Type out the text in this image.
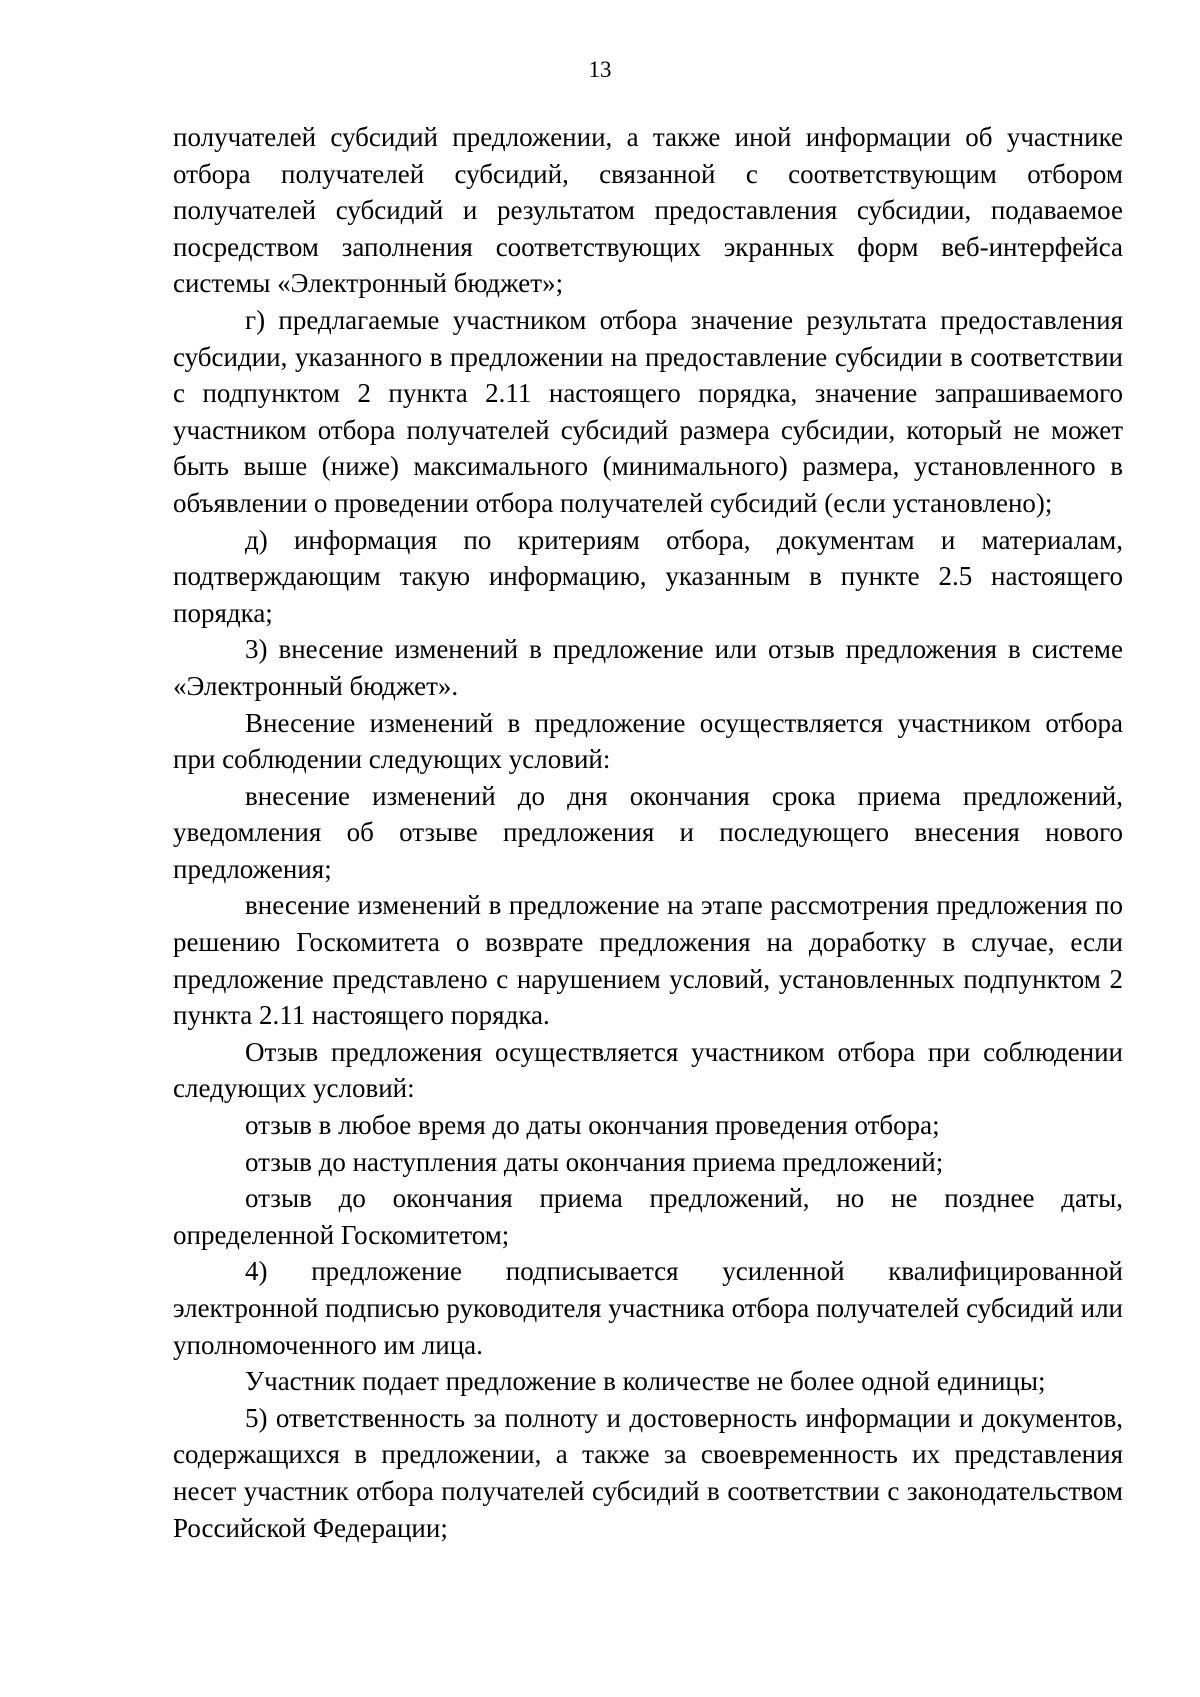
13

получателей субсидий предложении, а также иной информации об участнике отбора получателей субсидий, связанной с соответствующим отбором получателей субсидий и результатом предоставления субсидии, подаваемое посредством заполнения соответствующих экранных форм веб-интерфейса системы «Электронный бюджет»;

г) предлагаемые участником отбора значение результата предоставления субсидии, указанного в предложении на предоставление субсидии в соответствии с подпунктом 2 пункта 2.11 настоящего порядка, значение запрашиваемого участником отбора получателей субсидий размера субсидии, который не может быть выше (ниже) максимального (минимального) размера, установленного в объявлении о проведении отбора получателей субсидий (если установлено);

д) информация по критериям отбора, документам и материалам, подтверждающим такую информацию, указанным в пункте 2.5 настоящего порядка;

3) внесение изменений в предложение или отзыв предложения в системе «Электронный бюджет».

Внесение изменений в предложение осуществляется участником отбора при соблюдении следующих условий:

внесение изменений до дня окончания срока приема предложений, уведомления об отзыве предложения и последующего внесения нового предложения;

внесение изменений в предложение на этапе рассмотрения предложения по решению Госкомитета о возврате предложения на доработку в случае, если предложение представлено с нарушением условий, установленных подпунктом 2 пункта 2.11 настоящего порядка.

Отзыв предложения осуществляется участником отбора при соблюдении следующих условий:

отзыв в любое время до даты окончания проведения отбора;

отзыв до наступления даты окончания приема предложений;

отзыв до окончания приема предложений, но не позднее даты, определенной Госкомитетом;

4) предложение подписывается усиленной квалифицированной электронной подписью руководителя участника отбора получателей субсидий или уполномоченного им лица.

Участник подает предложение в количестве не более одной единицы;

5) ответственность за полноту и достоверность информации и документов, содержащихся в предложении, а также за своевременность их представления несет участник отбора получателей субсидий в соответствии с законодательством Российской Федерации;
